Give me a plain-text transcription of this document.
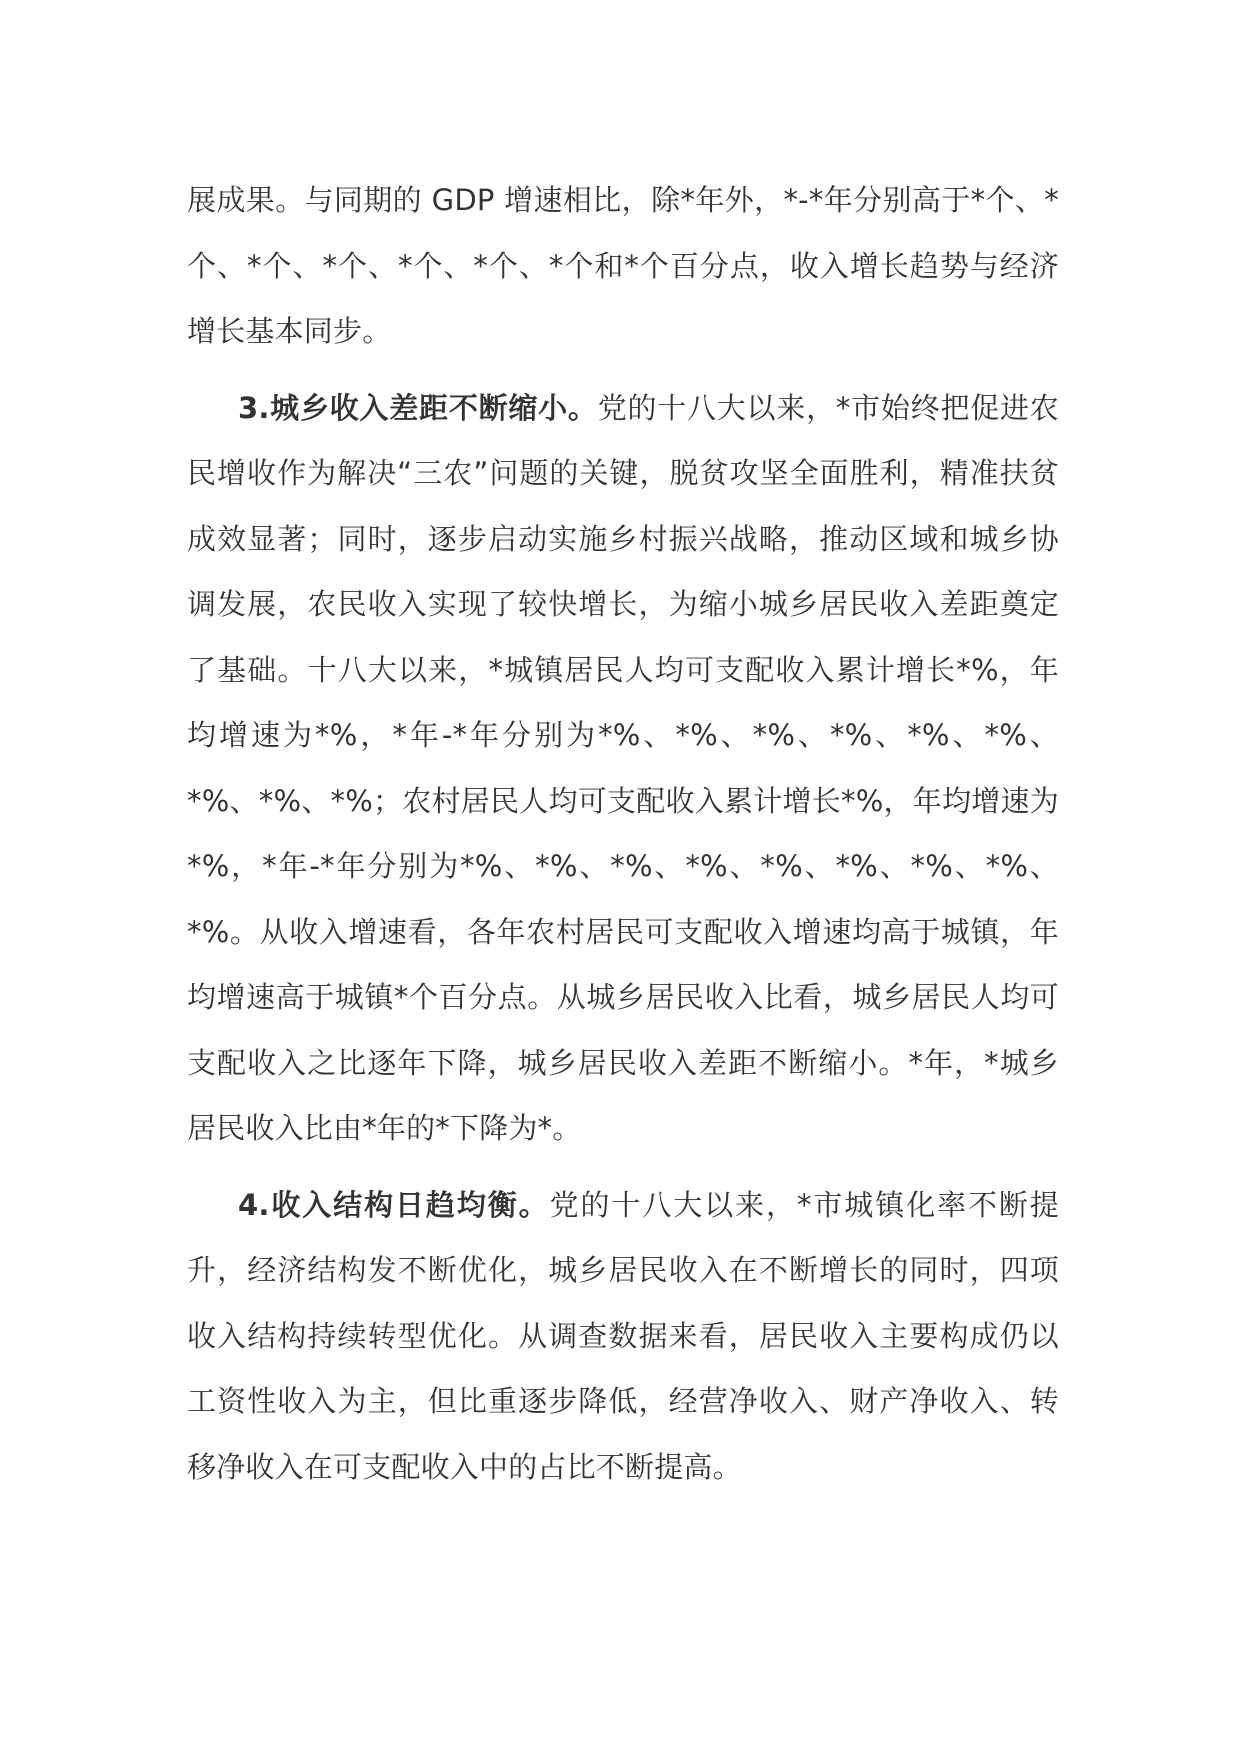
展成果。与同期的 GDP 增速相比，除*年外，*-*年分别高于*个、*个、*个、*个、*个、*个、*个和*个百分点，收入增长趋势与经济增长基本同步。

3.城乡收入差距不断缩小。党的十八大以来，*市始终把促进农民增收作为解决“三农”问题的关键，脱贫攻坚全面胜利，精准扶贫成效显著；同时，逐步启动实施乡村振兴战略，推动区域和城乡协调发展，农民收入实现了较快增长，为缩小城乡居民收入差距奠定了基础。十八大以来，*城镇居民人均可支配收入累计增长*%，年均增速为*%，*年-*年分别为*%、*%、*%、*%、*%、*%、*%、*%、*%；农村居民人均可支配收入累计增长*%，年均增速为*%，*年-*年分别为*%、*%、*%、*%、*%、*%、*%、*%、*%。从收入增速看，各年农村居民可支配收入增速均高于城镇，年均增速高于城镇*个百分点。从城乡居民收入比看，城乡居民人均可支配收入之比逐年下降，城乡居民收入差距不断缩小。*年，*城乡居民收入比由*年的*下降为*。

4.收入结构日趋均衡。党的十八大以来，*市城镇化率不断提升，经济结构发不断优化，城乡居民收入在不断增长的同时，四项收入结构持续转型优化。从调查数据来看，居民收入主要构成仍以工资性收入为主，但比重逐步降低，经营净收入、财产净收入、转移净收入在可支配收入中的占比不断提高。
